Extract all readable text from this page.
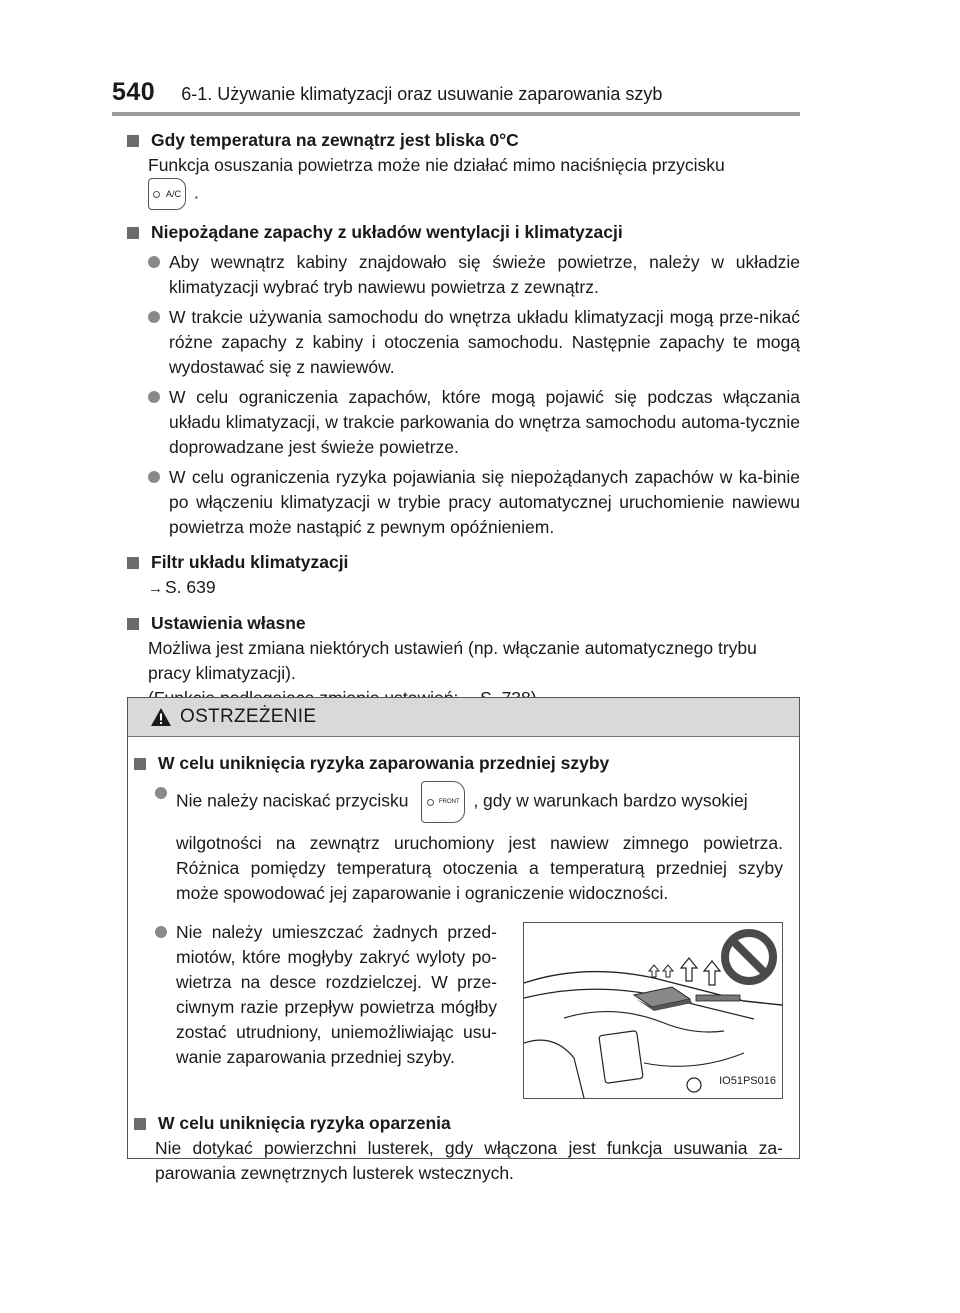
540 6-1. Używanie klimatyzacji oraz usuwanie zaparowania szyb
Gdy temperatura na zewnątrz jest bliska 0°C
Funkcja osuszania powietrza może nie działać mimo naciśnięcia przycisku

A/C .
Niepożądane zapachy z układów wentylacji i klimatyzacji
Aby wewnątrz kabiny znajdowało się świeże powietrze, należy w układzie klimatyzacji wybrać tryb nawiewu powietrza z zewnątrz.
W trakcie używania samochodu do wnętrza układu klimatyzacji mogą prze-nikać różne zapachy z kabiny i otoczenia samochodu. Następnie zapachy te mogą wydostawać się z nawiewów.
W celu ograniczenia zapachów, które mogą pojawić się podczas włączania układu klimatyzacji, w trakcie parkowania do wnętrza samochodu automa-tycznie doprowadzane jest świeże powietrze.
W celu ograniczenia ryzyka pojawiania się niepożądanych zapachów w ka-binie po włączeniu klimatyzacji w trybie pracy automatycznej uruchomienie nawiewu powietrza może nastąpić z pewnym opóźnieniem.
Filtr układu klimatyzacji
→ S. 639
Ustawienia własne
Możliwa jest zmiana niektórych ustawień (np. włączanie automatycznego trybu pracy klimatyzacji).

OSTRZEŻENIE
W celu uniknięcia ryzyka zaparowania przedniej szyby
Nie należy naciskać przycisku	FRONT , gdy w warunkach bardzo wysokiej
wilgotności na zewnątrz uruchomiony jest nawiew zimnego powietrza. Różnica pomiędzy temperaturą otoczenia a temperaturą przedniej szyby może spowodować jej zaparowanie i ograniczenie widoczności.
Nie należy umieszczać żadnych przed-miotów, które mogłyby zakryć wyloty po-wietrza na desce rozdzielczej. W prze-ciwnym razie przepływ powietrza mógłby zostać utrudniony, uniemożliwiając usu-wanie zaparowania przedniej szyby.
IO51PS016
W celu uniknięcia ryzyka oparzenia
Nie dotykać powierzchni lusterek, gdy włączona jest funkcja usuwania za-parowania zewnętrznych lusterek wstecznych.
